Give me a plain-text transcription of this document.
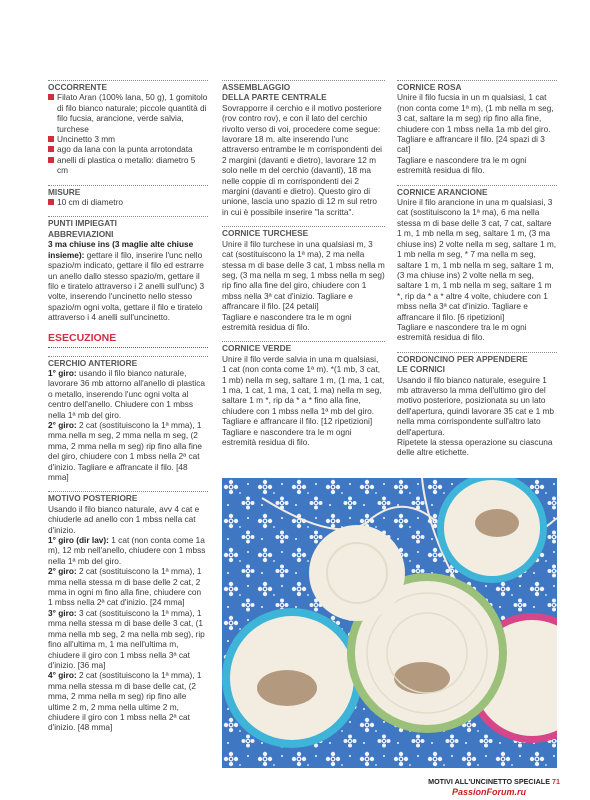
OCCORRENTE

Filato Aran (100% lana, 50 g), 1 gomitolo di filo bianco naturale; piccole quantità di filo fucsia, arancione, verde salvia, turchese
Uncinetto 3 mm
ago da lana con la punta arrotondata
anelli di plastica o metallo: diametro 5 cm

MISURE

10 cm di diametro

PUNTI IMPIEGATI

ABBREVIAZIONI

3 ma chiuse ins (3 maglie alte chiuse insieme): gettare il filo, inserire l'unc nello spazio/m indicato, gettare il filo ed estrarre un anello dallo stesso spazio/m, gettare il filo e tiratelo attraverso i 2 anelli sull'unc) 3 volte, inserendo l'uncinetto nello stesso spazio/m ogni volta, gettare il filo e tiratelo attraverso i 4 anelli sull'uncinetto.

ESECUZIONE

CERCHIO ANTERIORE

1° giro: usando il filo bianco naturale, lavorare 36 mb attorno all'anello di plastica o metallo, inserendo l'unc ogni volta al centro dell'anello. Chiudere con 1 mbss nella 1ª mb del giro.

2° giro: 2 cat (sostituiscono la 1ª mma), 1 mma nella m seg, 2 mma nella m seg, (2 mma, 2 mma nella m seg) rip fino alla fine del giro, chiudere con 1 mbss nella 2ª cat d'inizio. Tagliare e affrancate il filo. [48 mma]

MOTIVO POSTERIORE

Usando il filo bianco naturale, avv 4 cat e chiuderle ad anello con 1 mbss nella cat d'inizio.

1° giro (dir lav): 1 cat (non conta come 1a m), 12 mb nell'anello, chiudere con 1 mbss nella 1ª mb del giro.

2° giro: 2 cat (sostituiscono la 1ª mma), 1 mma nella stessa m di base delle 2 cat, 2 mma in ogni m fino alla fine, chiudere con 1 mbss nella 2ª cat d'inizio. [24 mma]

3° giro: 3 cat (sostituiscono la 1ª mma), 1 mma nella stessa m di base delle 3 cat, (1 mma nella mb seg, 2 ma nella mb seg), rip fino all'ultima m, 1 ma nell'ultima m, chiudere il giro con 1 mbss nella 3ª cat d'inizio. [36 ma]

4° giro: 2 cat (sostituiscono la 1ª mma), 1 mma nella stessa m di base delle cat, (2 mma, 2 mma nella m seg) rip fino alle ultime 2 m, 2 mma nella ultime 2 m, chiudere il giro con 1 mbss nella 2ª cat d'inizio. [48 mma]

ASSEMBLAGGIO

DELLA PARTE CENTRALE

Sovrapporre il cerchio e il motivo posteriore (rov contro rov), e con il lato del cerchio rivolto verso di voi, procedere come segue: lavorare 18 m. alte inserendo l'unc attraverso entrambe le m corrispondenti dei 2 margini (davanti e dietro), lavorare 12 m solo nelle m del cerchio (davanti), 18 ma nelle coppie di m corrispondenti dei 2 margini (davanti e dietro). Questo giro di unione, lascia uno spazio di 12 m sul retro in cui è possibile inserire "la scritta".

CORNICE TURCHESE

Unire il filo turchese in una qualsiasi m, 3 cat (sostituiscono la 1ª ma), 2 ma nella stessa m di base delle 3 cat, 1 mbss nella m seg, (3 ma nella m seg, 1 mbss nella m seg) rip fino alla fine del giro, chiudere con 1 mbss nella 3ª cat d'inizio. Tagliare e affrancare il filo. [24 petali]

Tagliare e nascondere tra le m ogni estremità residua di filo.

CORNICE VERDE

Unire il filo verde salvia in una m qualsiasi, 1 cat (non conta come 1ª m). *(1 mb, 3 cat, 1 mb) nella m seg, saltare 1 m, (1 ma, 1 cat, 1 ma, 1 cat, 1 ma, 1 cat, 1 ma) nella m seg, saltare 1 m *, rip da * a * fino alla fine, chiudere con 1 mbss nella 1ª mb del giro. Tagliare e affrancare il filo. [12 ripetizioni]

Tagliare e nascondere tra le m ogni estremità residua di filo.

CORNICE ROSA

Unire il filo fucsia in un m qualsiasi, 1 cat (non conta come 1ª m), (1 mb nella m seg, 3 cat, saltare la m seg) rip fino alla fine, chiudere con 1 mbss nella 1a mb del giro. Tagliare e affrancare il filo. [24 spazi di 3 cat]

Tagliare e nascondere tra le m ogni estremità residua di filo.

CORNICE ARANCIONE

Unire il filo arancione in una m qualsiasi, 3 cat (sostituiscono la 1ª ma), 6 ma nella stessa m di base delle 3 cat, 7 cat, saltare 1 m, 1 mb nella m seg, saltare 1 m, (3 ma chiuse ins) 2 volte nella m seg, saltare 1 m, 1 mb nella m seg, * 7 ma nella m seg, saltare 1 m, 1 mb nella m seg, saltare 1 m, (3 ma chiuse ins) 2 volte nella m seg, saltare 1 m, 1 mb nella m seg, saltare 1 m *, rip da * a * altre 4 volte, chiudere con 1 mbss nella 3ª cat d'inizio. Tagliare e affrancare il filo. [6 ripetizioni]

Tagliare e nascondere tra le m ogni estremità residua di filo.

CORDONCINO PER APPENDERE

LE CORNICI

Usando il filo bianco naturale, eseguire 1 mb attraverso la mma dell'ultimo giro del motivo posteriore, posizionata su un lato dell'apertura, quindi lavorare 35 cat e 1 mb nella mma corrispondente sull'altro lato dell'apertura.

Ripetete la stessa operazione su ciascuna delle altre etichette.

MOTIVI ALL'UNCINETTO SPECIALE 71
PassionForum.ru
